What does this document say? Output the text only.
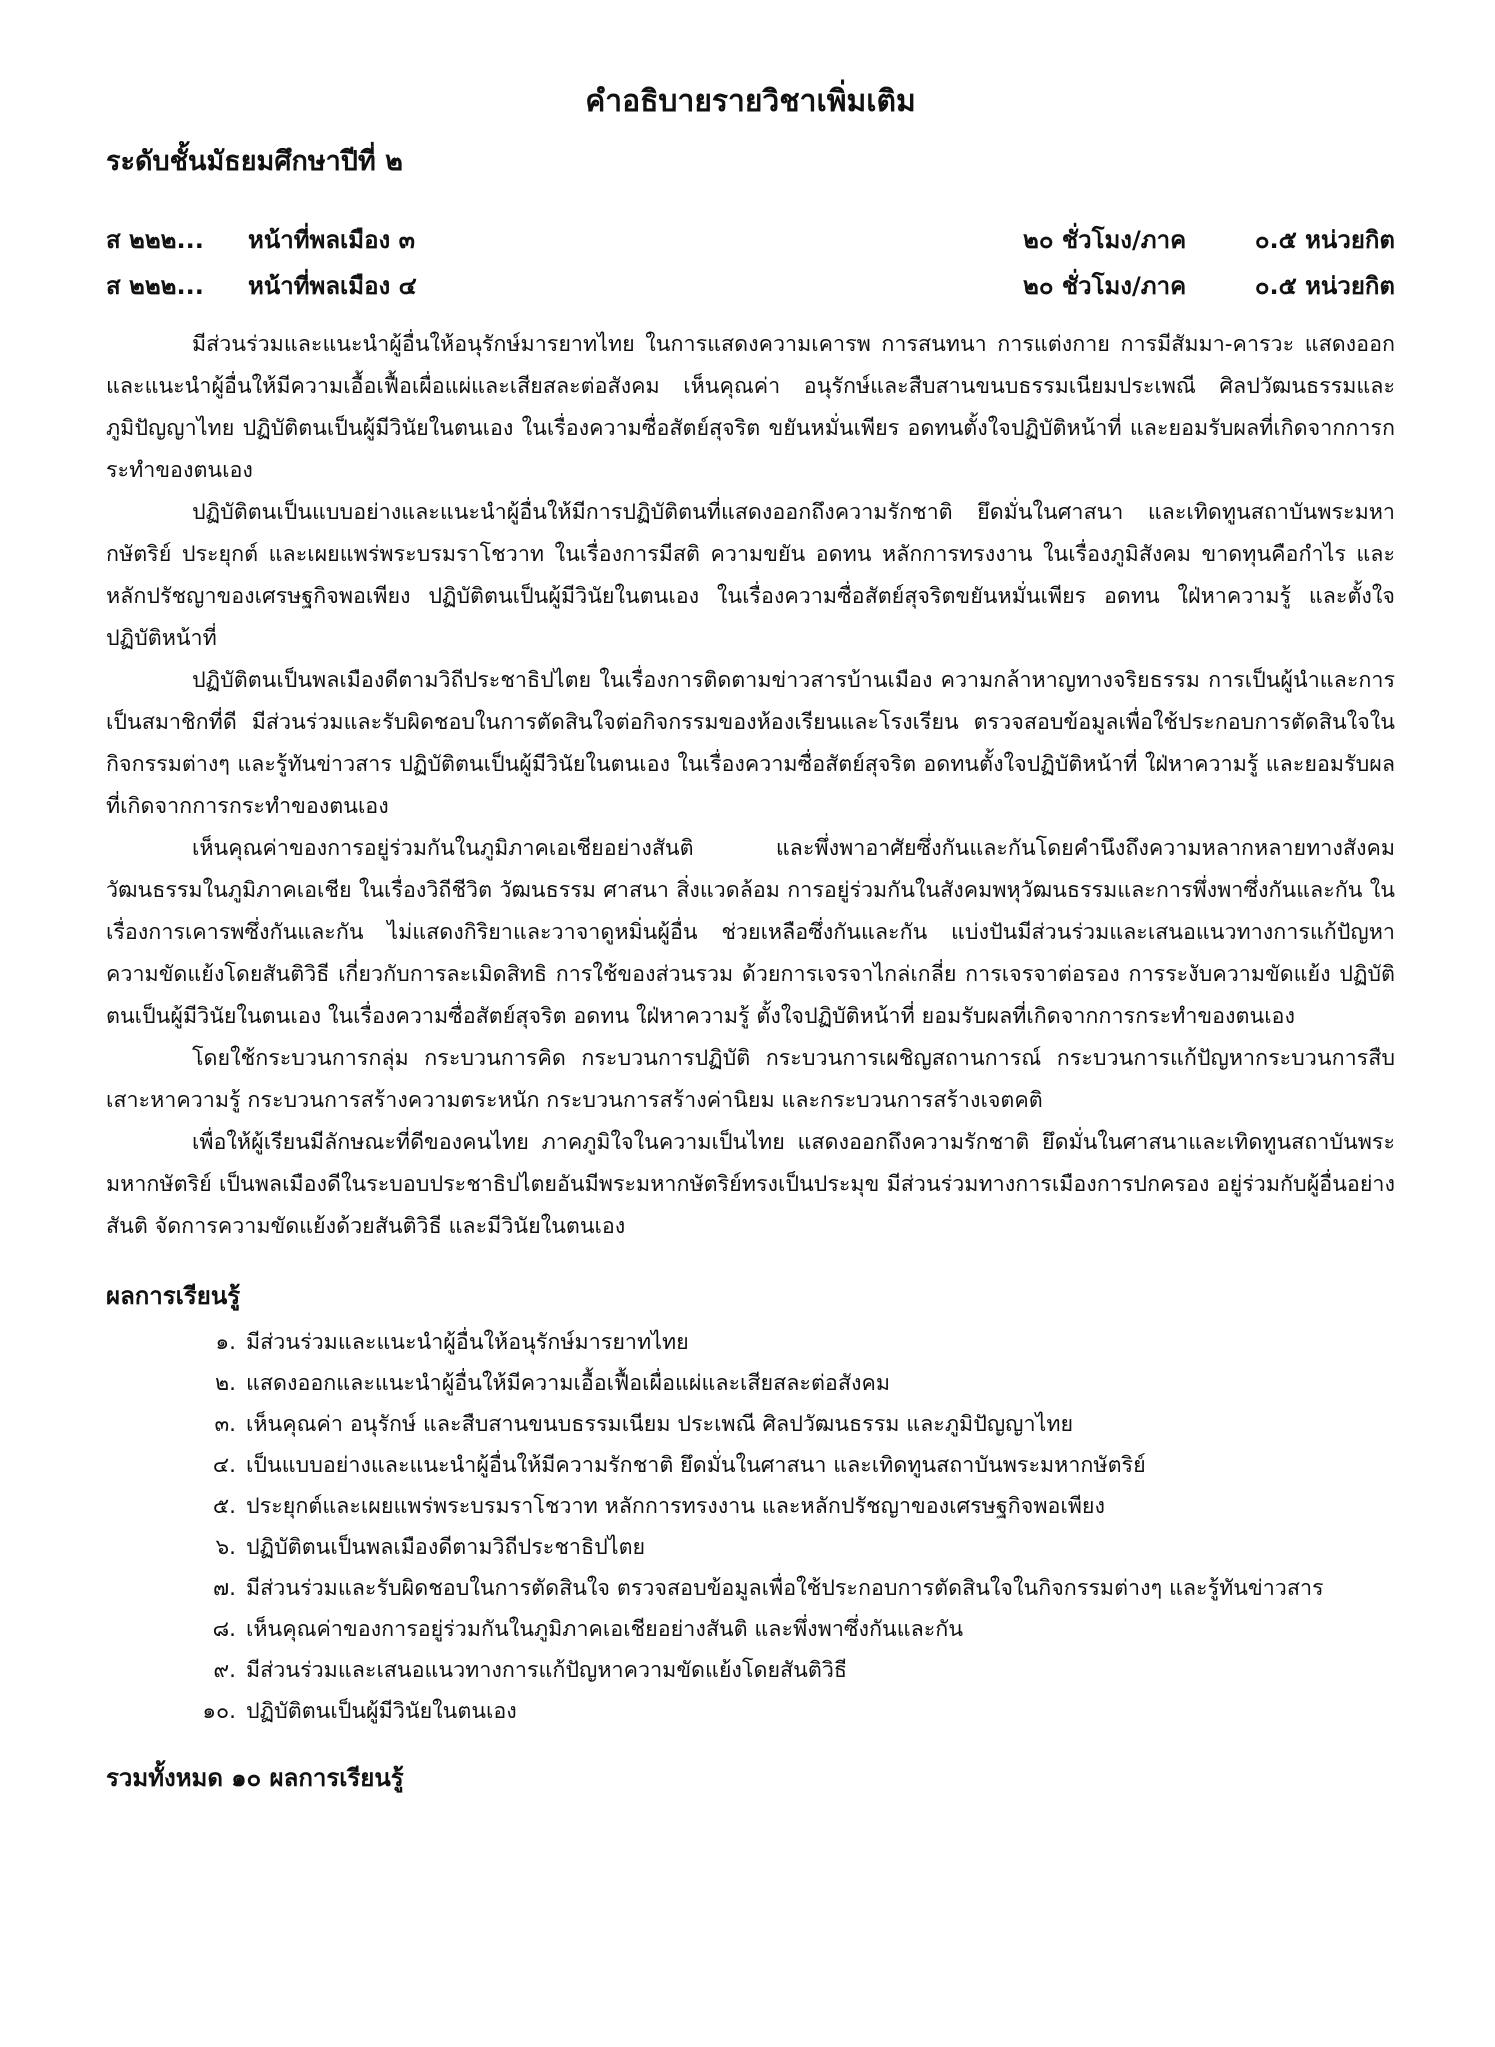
คำอธิบายรายวิชาเพิ่มเติม
ระดับชั้นมัธยมศึกษาปีที่ ๒
ส ๒๒๒...	หน้าที่พลเมือง ๓	๒๐ ชั่วโมง/ภาค	๐.๕ หน่วยกิต
ส ๒๒๒...	หน้าที่พลเมือง ๔	๒๐ ชั่วโมง/ภาค	๐.๕ หน่วยกิต

มีส่วนร่วมและแนะนำผู้อื่นให้อนุรักษ์มารยาทไทย ในการแสดงความเคารพ การสนทนา การแต่งกาย การมีสัมมา-คารวะ แสดงออกและแนะนำผู้อื่นให้มีความเอื้อเฟื้อเผื่อแผ่และเสียสละต่อสังคม เห็นคุณค่า อนุรักษ์และสืบสานขนบธรรมเนียมประเพณี ศิลปวัฒนธรรมและภูมิปัญญาไทย ปฏิบัติตนเป็นผู้มีวินัยในตนเอง ในเรื่องความซื่อสัตย์สุจริต ขยันหมั่นเพียร อดทนตั้งใจปฏิบัติหน้าที่ และยอมรับผลที่เกิดจากการกระทำของตนเอง

ปฏิบัติตนเป็นแบบอย่างและแนะนำผู้อื่นให้มีการปฏิบัติตนที่แสดงออกถึงความรักชาติ ยึดมั่นในศาสนา และเทิดทูนสถาบันพระมหากษัตริย์ ประยุกต์ และเผยแพร่พระบรมราโชวาท ในเรื่องการมีสติ ความขยัน อดทน หลักการทรงงาน ในเรื่องภูมิสังคม ขาดทุนคือกำไร และหลักปรัชญาของเศรษฐกิจพอเพียง ปฏิบัติตนเป็นผู้มีวินัยในตนเอง ในเรื่องความซื่อสัตย์สุจริตขยันหมั่นเพียร อดทน ใฝ่หาความรู้ และตั้งใจปฏิบัติหน้าที่

ปฏิบัติตนเป็นพลเมืองดีตามวิถีประชาธิปไตย ในเรื่องการติดตามข่าวสารบ้านเมือง ความกล้าหาญทางจริยธรรม การเป็นผู้นำและการเป็นสมาชิกที่ดี มีส่วนร่วมและรับผิดชอบในการตัดสินใจต่อกิจกรรมของห้องเรียนและโรงเรียน ตรวจสอบข้อมูลเพื่อใช้ประกอบการตัดสินใจในกิจกรรมต่างๆ และรู้ทันข่าวสาร ปฏิบัติตนเป็นผู้มีวินัยในตนเอง ในเรื่องความซื่อสัตย์สุจริต อดทนตั้งใจปฏิบัติหน้าที่ ใฝ่หาความรู้ และยอมรับผลที่เกิดจากการกระทำของตนเอง

เห็นคุณค่าของการอยู่ร่วมกันในภูมิภาคเอเชียอย่างสันติ และพึ่งพาอาศัยซึ่งกันและกันโดยคำนึงถึงความหลากหลายทางสังคมวัฒนธรรมในภูมิภาคเอเชีย ในเรื่องวิถีชีวิต วัฒนธรรม ศาสนา สิ่งแวดล้อม การอยู่ร่วมกันในสังคมพหุวัฒนธรรมและการพึ่งพาซึ่งกันและกัน ในเรื่องการเคารพซึ่งกันและกัน ไม่แสดงกิริยาและวาจาดูหมิ่นผู้อื่น ช่วยเหลือซึ่งกันและกัน แบ่งปันมีส่วนร่วมและเสนอแนวทางการแก้ปัญหาความขัดแย้งโดยสันติวิธี เกี่ยวกับการละเมิดสิทธิ การใช้ของส่วนรวม ด้วยการเจรจาไกล่เกลี่ย การเจรจาต่อรอง การระงับความขัดแย้ง ปฏิบัติตนเป็นผู้มีวินัยในตนเอง ในเรื่องความซื่อสัตย์สุจริต อดทน ใฝ่หาความรู้ ตั้งใจปฏิบัติหน้าที่ ยอมรับผลที่เกิดจากการกระทำของตนเอง

โดยใช้กระบวนการกลุ่ม กระบวนการคิด กระบวนการปฏิบัติ กระบวนการเผชิญสถานการณ์ กระบวนการแก้ปัญหากระบวนการสืบเสาะหาความรู้ กระบวนการสร้างความตระหนัก กระบวนการสร้างค่านิยม และกระบวนการสร้างเจตคติ

เพื่อให้ผู้เรียนมีลักษณะที่ดีของคนไทย ภาคภูมิใจในความเป็นไทย แสดงออกถึงความรักชาติ ยึดมั่นในศาสนาและเทิดทูนสถาบันพระมหากษัตริย์ เป็นพลเมืองดีในระบอบประชาธิปไตยอันมีพระมหากษัตริย์ทรงเป็นประมุข มีส่วนร่วมทางการเมืองการปกครอง อยู่ร่วมกับผู้อื่นอย่างสันติ จัดการความขัดแย้งด้วยสันติวิธี และมีวินัยในตนเอง

ผลการเรียนรู้
๑. มีส่วนร่วมและแนะนำผู้อื่นให้อนุรักษ์มารยาทไทย
๒. แสดงออกและแนะนำผู้อื่นให้มีความเอื้อเฟื้อเผื่อแผ่และเสียสละต่อสังคม
๓. เห็นคุณค่า อนุรักษ์ และสืบสานขนบธรรมเนียม ประเพณี ศิลปวัฒนธรรม และภูมิปัญญาไทย
๔. เป็นแบบอย่างและแนะนำผู้อื่นให้มีความรักชาติ ยึดมั่นในศาสนา และเทิดทูนสถาบันพระมหากษัตริย์
๕. ประยุกต์และเผยแพร่พระบรมราโชวาท หลักการทรงงาน และหลักปรัชญาของเศรษฐกิจพอเพียง
๖. ปฏิบัติตนเป็นพลเมืองดีตามวิถีประชาธิปไตย
๗. มีส่วนร่วมและรับผิดชอบในการตัดสินใจ ตรวจสอบข้อมูลเพื่อใช้ประกอบการตัดสินใจในกิจกรรมต่างๆ และรู้ทันข่าวสาร
๘. เห็นคุณค่าของการอยู่ร่วมกันในภูมิภาคเอเชียอย่างสันติ และพึ่งพาซึ่งกันและกัน
๙. มีส่วนร่วมและเสนอแนวทางการแก้ปัญหาความขัดแย้งโดยสันติวิธี
๑๐. ปฏิบัติตนเป็นผู้มีวินัยในตนเอง
รวมทั้งหมด ๑๐ ผลการเรียนรู้
